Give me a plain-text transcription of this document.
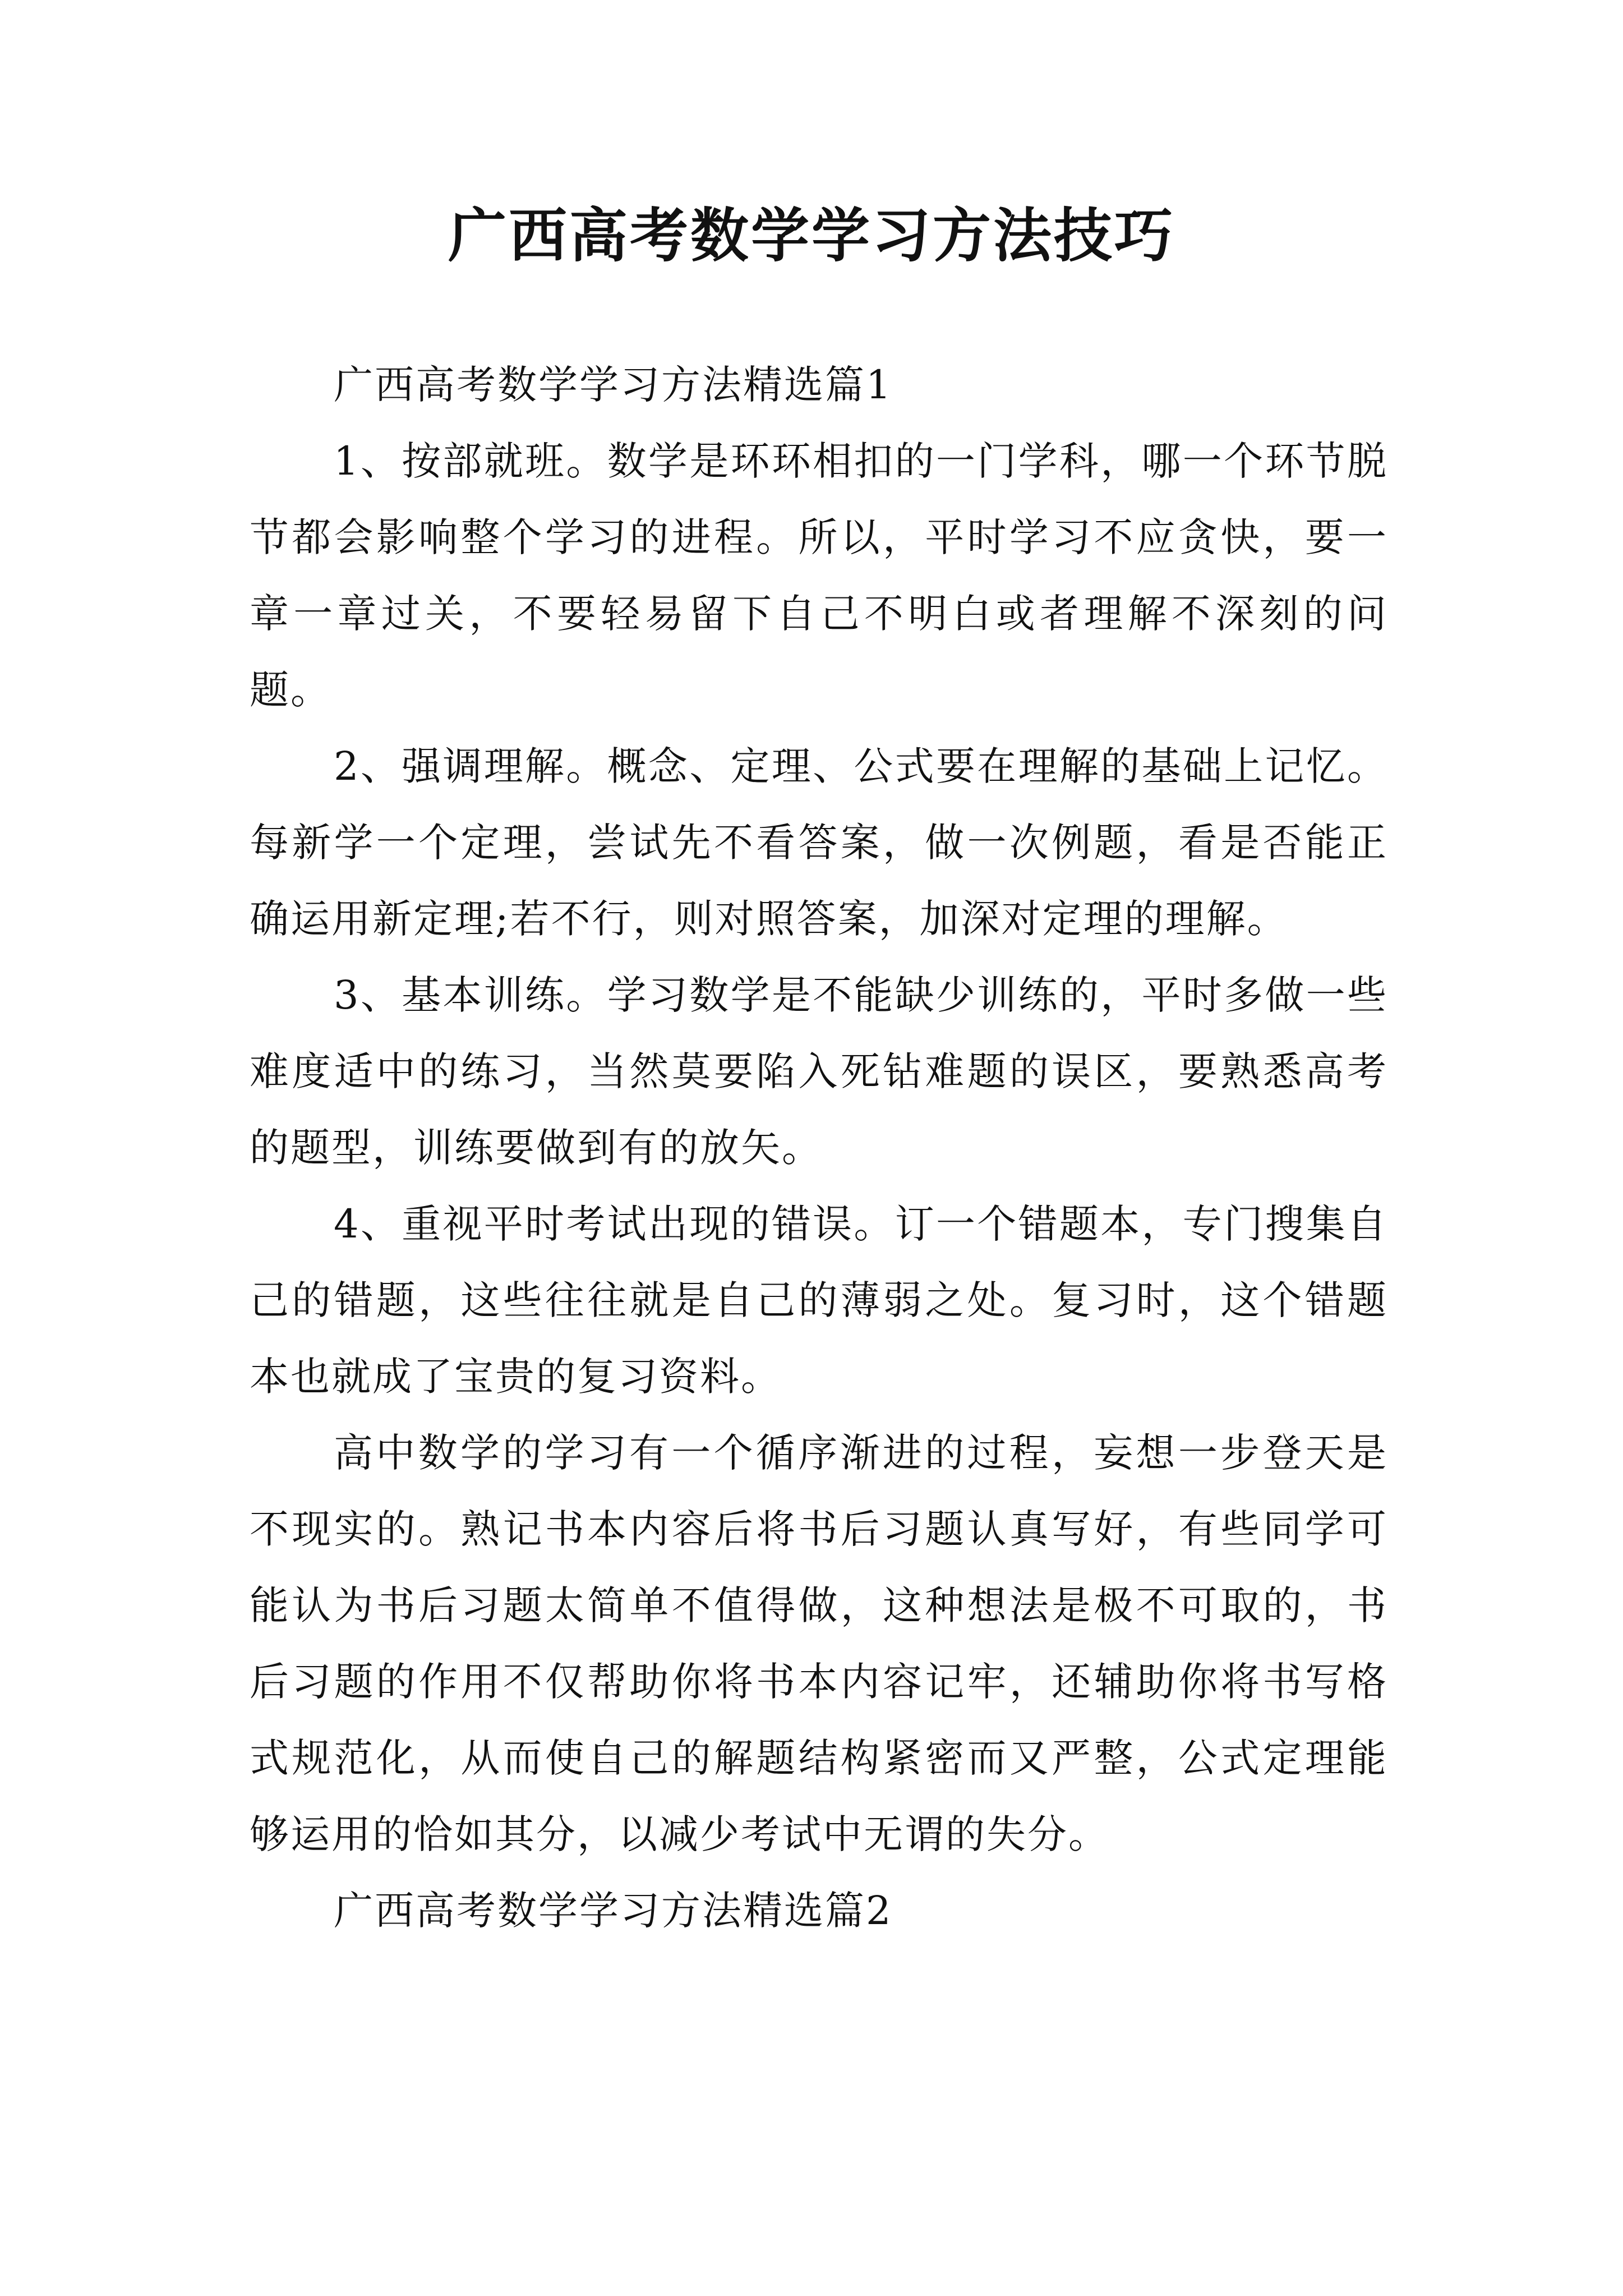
广西高考数学学习方法技巧

广西高考数学学习方法精选篇1

1、按部就班。数学是环环相扣的一门学科，哪一个环节脱节都会影响整个学习的进程。所以，平时学习不应贪快，要一章一章过关，不要轻易留下自己不明白或者理解不深刻的问题。

2、强调理解。概念、定理、公式要在理解的基础上记忆。每新学一个定理，尝试先不看答案，做一次例题，看是否能正确运用新定理;若不行，则对照答案，加深对定理的理解。

3、基本训练。学习数学是不能缺少训练的，平时多做一些难度适中的练习，当然莫要陷入死钻难题的误区，要熟悉高考的题型，训练要做到有的放矢。

4、重视平时考试出现的错误。订一个错题本，专门搜集自己的错题，这些往往就是自己的薄弱之处。复习时，这个错题本也就成了宝贵的复习资料。

高中数学的学习有一个循序渐进的过程，妄想一步登天是不现实的。熟记书本内容后将书后习题认真写好，有些同学可能认为书后习题太简单不值得做，这种想法是极不可取的，书后习题的作用不仅帮助你将书本内容记牢，还辅助你将书写格式规范化，从而使自己的解题结构紧密而又严整，公式定理能够运用的恰如其分，以减少考试中无谓的失分。

广西高考数学学习方法精选篇2
